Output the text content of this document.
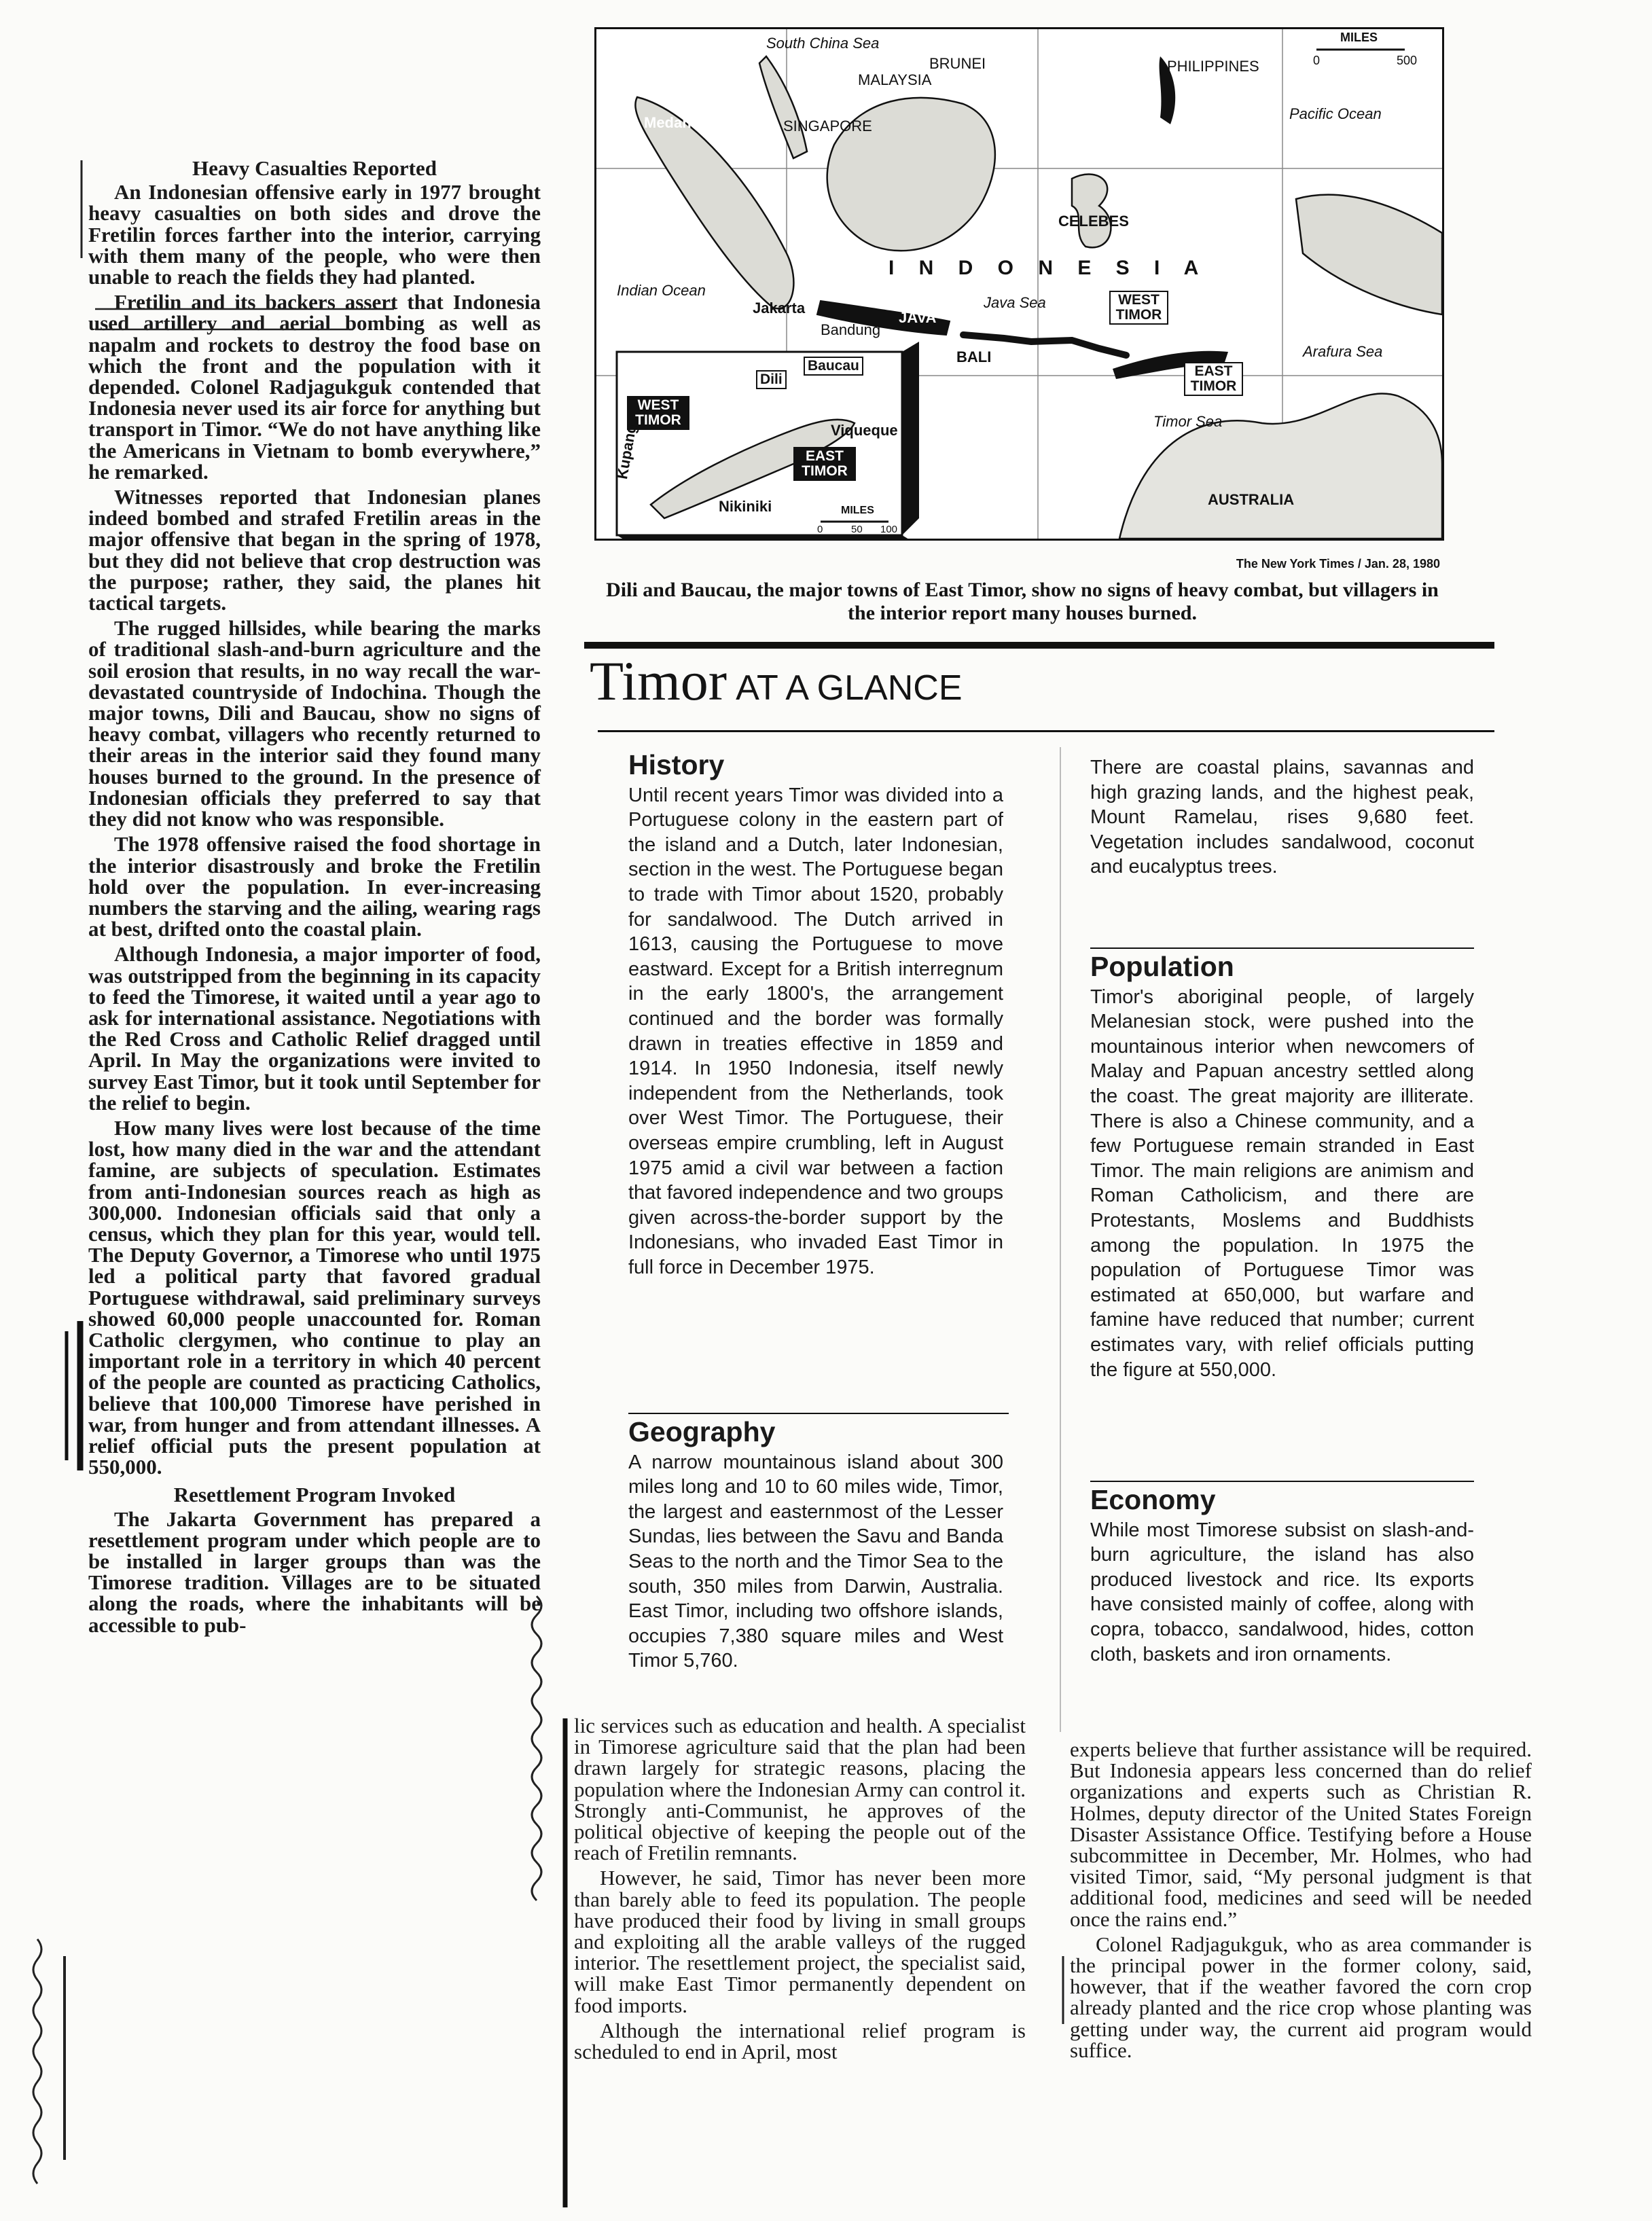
Heavy Casualties Reported

An Indonesian offensive early in 1977 brought heavy casualties on both sides and drove the Fretilin forces farther into the interior, carrying with them many of the people, who were then unable to reach the fields they had planted.

Fretilin and its backers assert that Indonesia used artillery and aerial bombing as well as napalm and rockets to destroy the food base on which the front and the population with it depended. Colonel Radjagukguk contended that Indonesia never used its air force for anything but transport in Timor. “We do not have anything like the Americans in Vietnam to bomb everywhere,” he remarked.

Witnesses reported that Indonesian planes indeed bombed and strafed Fretilin areas in the major offensive that began in the spring of 1978, but they did not believe that crop destruction was the purpose; rather, they said, the planes hit tactical targets.

The rugged hillsides, while bearing the marks of traditional slash-and-burn agriculture and the soil erosion that results, in no way recall the war-devastated countryside of Indochina. Though the major towns, Dili and Baucau, show no signs of heavy combat, villagers who recently returned to their areas in the interior said they found many houses burned to the ground. In the presence of Indonesian officials they preferred to say that they did not know who was responsible.

The 1978 offensive raised the food shortage in the interior disastrously and broke the Fretilin hold over the population. In ever-increasing numbers the starving and the ailing, wearing rags at best, drifted onto the coastal plain.

Although Indonesia, a major importer of food, was outstripped from the beginning in its capacity to feed the Timorese, it waited until a year ago to ask for international assistance. Negotiations with the Red Cross and Catholic Relief dragged until April. In May the organizations were invited to survey East Timor, but it took until September for the relief to begin.

How many lives were lost because of the time lost, how many died in the war and the attendant famine, are subjects of speculation. Estimates from anti-Indonesian sources reach as high as 300,000. Indonesian officials said that only a census, which they plan for this year, would tell. The Deputy Governor, a Timorese who until 1975 led a political party that favored gradual Portuguese withdrawal, said preliminary surveys showed 60,000 people unaccounted for. Roman Catholic clergymen, who continue to play an important role in a territory in which 40 percent of the people are counted as practicing Catholics, believe that 100,000 Timorese have perished in war, from hunger and from attendant illnesses. A relief official puts the present population at 550,000.

Resettlement Program Invoked

The Jakarta Government has prepared a resettlement program under which people are to be installed in larger groups than was the Timorese tradition. Villages are to be situated along the roads, where the inhabitants will be accessible to pub-

South China Sea
BRUNEI
MALAYSIA
SINGAPORE
Medan
PHILIPPINES
Pacific Ocean
CELEBES
I N D O N E S I A
Indian Ocean
Jakarta
JAVA
Java Sea
Bandung
BALI
WEST TIMOR
EAST TIMOR
Arafura Sea
Timor Sea
AUSTRALIA
MILES
0	500
Baucau
Dili
WEST TIMOR
EAST TIMOR
Viqueque
Kupang
Nikiniki	MILES
0	50 100
The New York Times / Jan. 28, 1980
Dili and Baucau, the major towns of East Timor, show no signs of heavy combat, but villagers in the interior report many houses burned.
Timor AT A GLANCE
History

Until recent years Timor was divided into a Portuguese colony in the eastern part of the island and a Dutch, later Indonesian, section in the west. The Portuguese began to trade with Timor about 1520, probably for sandalwood. The Dutch arrived in 1613, causing the Portuguese to move eastward. Except for a British interregnum in the early 1800's, the arrangement continued and the border was formally drawn in treaties effective in 1859 and 1914. In 1950 Indonesia, itself newly independent from the Netherlands, took over West Timor. The Portuguese, their overseas empire crumbling, left in August 1975 amid a civil war between a faction that favored independence and two groups given across-the-border support by the Indonesians, who invaded East Timor in full force in December 1975.

Geography

A narrow mountainous island about 300 miles long and 10 to 60 miles wide, Timor, the largest and easternmost of the Lesser Sundas, lies between the Savu and Banda Seas to the north and the Timor Sea to the south, 350 miles from Darwin, Australia. East Timor, including two offshore islands, occupies 7,380 square miles and West Timor 5,760.

There are coastal plains, savannas and high grazing lands, and the highest peak, Mount Ramelau, rises 9,680 feet. Vegetation includes sandalwood, coconut and eucalyptus trees.

Population

Timor's aboriginal people, of largely Melanesian stock, were pushed into the mountainous interior when newcomers of Malay and Papuan ancestry settled along the coast. The great majority are illiterate. There is also a Chinese community, and a few Portuguese remain stranded in East Timor. The main religions are animism and Roman Catholicism, and there are Protestants, Moslems and Buddhists among the population. In 1975 the population of Portuguese Timor was estimated at 650,000, but warfare and famine have reduced that number; current estimates vary, with relief officials putting the figure at 550,000.

Economy

While most Timorese subsist on slash-and-burn agriculture, the island has also produced livestock and rice. Its exports have consisted mainly of coffee, along with copra, tobacco, sandalwood, hides, cotton cloth, baskets and iron ornaments.

lic services such as education and health. A specialist in Timorese agriculture said that the plan had been drawn largely for strategic reasons, placing the population where the Indonesian Army can control it. Strongly anti-Communist, he approves of the political objective of keeping the people out of the reach of Fretilin remnants.

However, he said, Timor has never been more than barely able to feed its population. The people have produced their food by living in small groups and exploiting all the arable valleys of the rugged interior. The resettlement project, the specialist said, will make East Timor permanently dependent on food imports.

Although the international relief program is scheduled to end in April, most

experts believe that further assistance will be required. But Indonesia appears less concerned than do relief organizations and experts such as Christian R. Holmes, deputy director of the United States Foreign Disaster Assistance Office. Testifying before a House subcommittee in December, Mr. Holmes, who had visited Timor, said, “My personal judgment is that additional food, medicines and seed will be needed once the rains end.”

Colonel Radjagukguk, who as area commander is the principal power in the former colony, said, however, that if the weather favored the corn crop already planted and the rice crop whose planting was getting under way, the current aid program would suffice.
